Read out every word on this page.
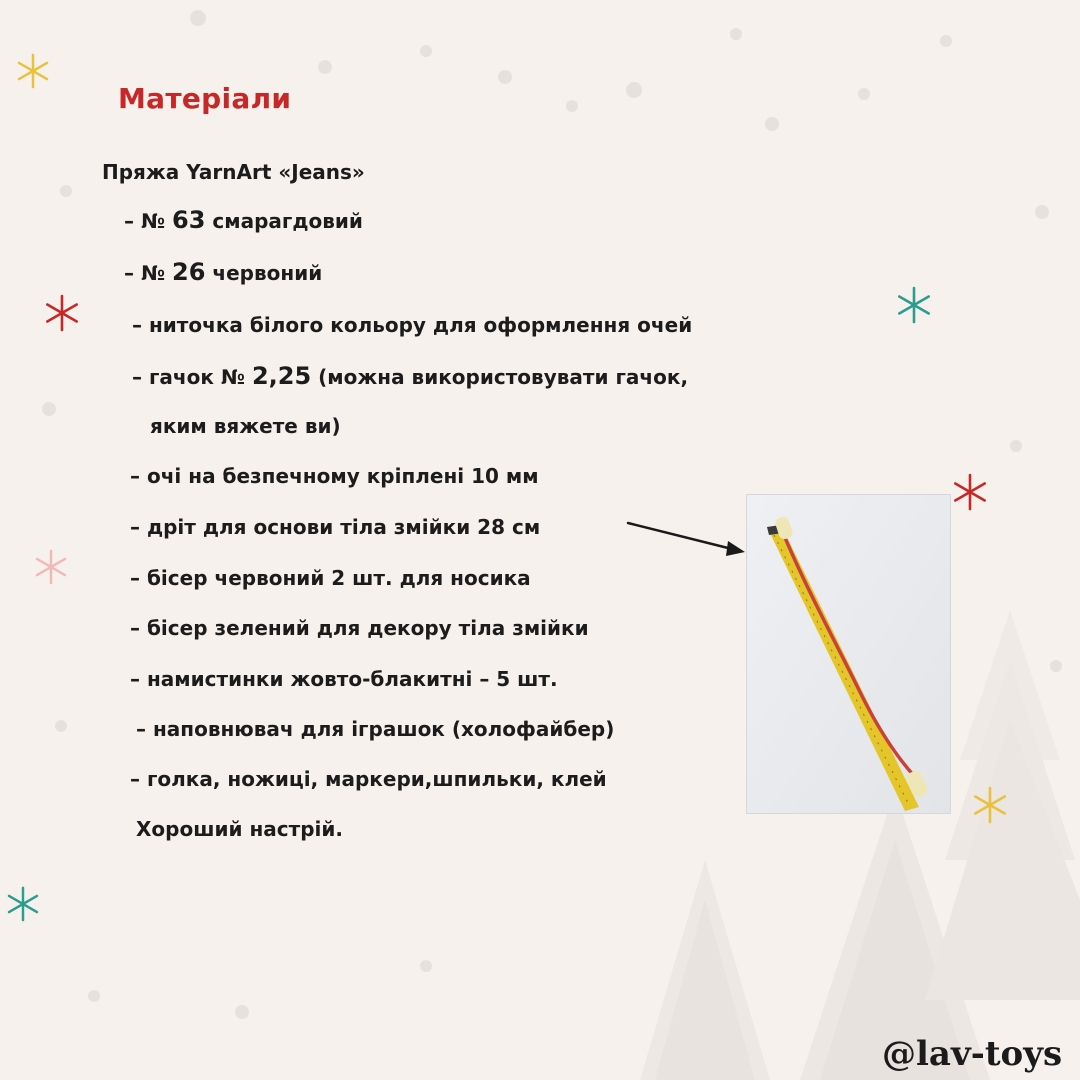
Матеріали
Пряжа YarnArt «Jeans»
– № 63 смарагдовий
– № 26 червоний
– ниточка білого кольору для оформлення очей
– гачок № 2,25 (можна використовувати гачок,
яким вяжете ви)
– очі на безпечному кріплені 10 мм
– дріт для основи тіла змійки 28 см
– бісер червоний 2 шт. для носика
– бісер зелений для декору тіла змійки
– намистинки жовто-блакитні – 5 шт.
– наповнювач для іграшок (холофайбер)
– голка, ножиці, маркери,шпильки, клей
Хороший настрій.
@lav-toys
